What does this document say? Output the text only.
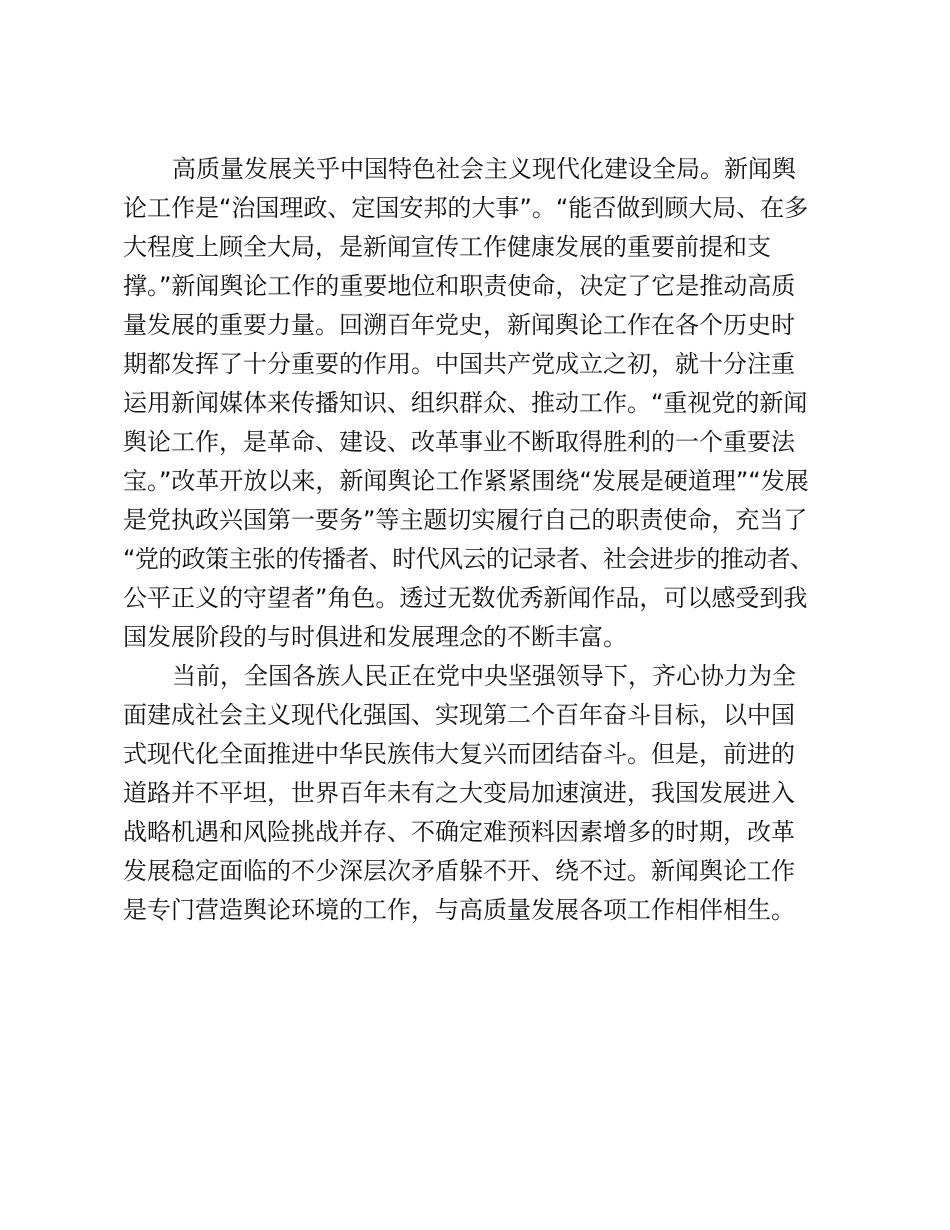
高质量发展关乎中国特色社会主义现代化建设全局。新闻舆
论工作是“治国理政、定国安邦的大事”。“能否做到顾大局、在多
大程度上顾全大局，是新闻宣传工作健康发展的重要前提和支
撑。”新闻舆论工作的重要地位和职责使命，决定了它是推动高质
量发展的重要力量。回溯百年党史，新闻舆论工作在各个历史时
期都发挥了十分重要的作用。中国共产党成立之初，就十分注重
运用新闻媒体来传播知识、组织群众、推动工作。“重视党的新闻
舆论工作，是革命、建设、改革事业不断取得胜利的一个重要法
宝。”改革开放以来，新闻舆论工作紧紧围绕“发展是硬道理”“发展
是党执政兴国第一要务”等主题切实履行自己的职责使命，充当了
“党的政策主张的传播者、时代风云的记录者、社会进步的推动者、
公平正义的守望者”角色。透过无数优秀新闻作品，可以感受到我
国发展阶段的与时俱进和发展理念的不断丰富。
当前，全国各族人民正在党中央坚强领导下，齐心协力为全
面建成社会主义现代化强国、实现第二个百年奋斗目标，以中国
式现代化全面推进中华民族伟大复兴而团结奋斗。但是，前进的
道路并不平坦，世界百年未有之大变局加速演进，我国发展进入
战略机遇和风险挑战并存、不确定难预料因素增多的时期，改革
发展稳定面临的不少深层次矛盾躲不开、绕不过。新闻舆论工作
是专门营造舆论环境的工作，与高质量发展各项工作相伴相生。
